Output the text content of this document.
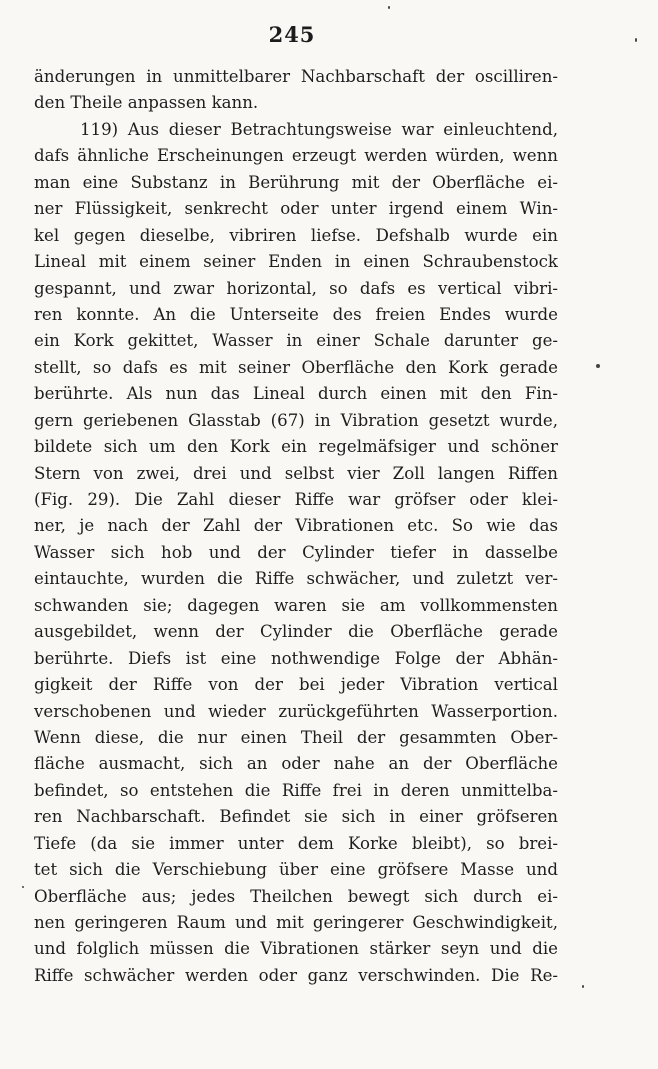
245
änderungen in unmittelbarer Nachbarschaft der oscilliren-
den Theile anpassen kann.
119) Aus dieser Betrachtungsweise war einleuchtend,
dafs ähnliche Erscheinungen erzeugt werden würden, wenn
man eine Substanz in Berührung mit der Oberfläche ei-
ner Flüssigkeit, senkrecht oder unter irgend einem Win-
kel gegen dieselbe, vibriren liefse. Defshalb wurde ein
Lineal mit einem seiner Enden in einen Schraubenstock
gespannt, und zwar horizontal, so dafs es vertical vibri-
ren konnte. An die Unterseite des freien Endes wurde
ein Kork gekittet, Wasser in einer Schale darunter ge-
stellt, so dafs es mit seiner Oberfläche den Kork gerade
berührte. Als nun das Lineal durch einen mit den Fin-
gern geriebenen Glasstab (67) in Vibration gesetzt wurde,
bildete sich um den Kork ein regelmäfsiger und schöner
Stern von zwei, drei und selbst vier Zoll langen Riffen
(Fig. 29). Die Zahl dieser Riffe war gröfser oder klei-
ner, je nach der Zahl der Vibrationen etc. So wie das
Wasser sich hob und der Cylinder tiefer in dasselbe
eintauchte, wurden die Riffe schwächer, und zuletzt ver-
schwanden sie; dagegen waren sie am vollkommensten
ausgebildet, wenn der Cylinder die Oberfläche gerade
berührte. Diefs ist eine nothwendige Folge der Abhän-
gigkeit der Riffe von der bei jeder Vibration vertical
verschobenen und wieder zurückgeführten Wasserportion.
Wenn diese, die nur einen Theil der gesammten Ober-
fläche ausmacht, sich an oder nahe an der Oberfläche
befindet, so entstehen die Riffe frei in deren unmittelba-
ren Nachbarschaft. Befindet sie sich in einer gröfseren
Tiefe (da sie immer unter dem Korke bleibt), so brei-
tet sich die Verschiebung über eine gröfsere Masse und
Oberfläche aus; jedes Theilchen bewegt sich durch ei-
nen geringeren Raum und mit geringerer Geschwindigkeit,
und folglich müssen die Vibrationen stärker seyn und die
Riffe schwächer werden oder ganz verschwinden. Die Re-
